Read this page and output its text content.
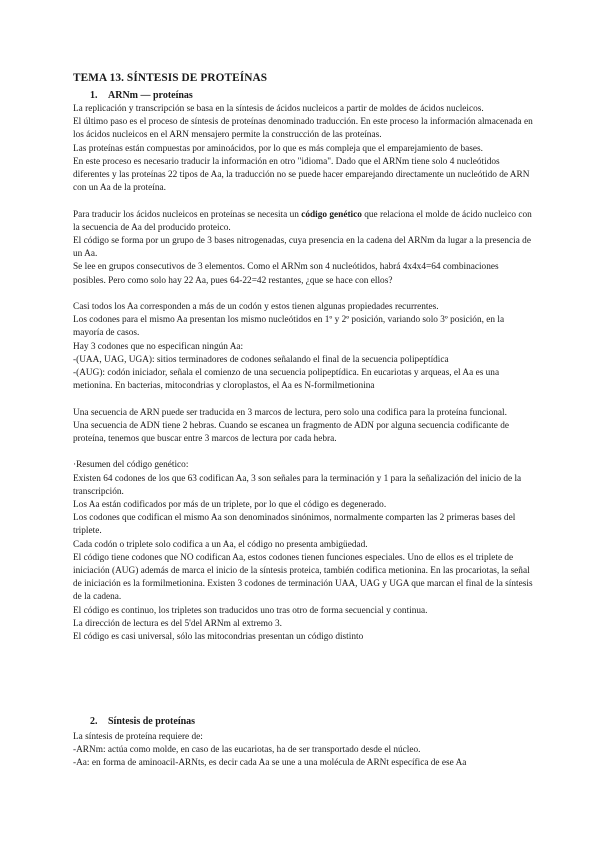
TEMA 13. SÍNTESIS DE PROTEÍNAS
1. ARNm — proteínas

La replicación y transcripción se basa en la síntesis de ácidos nucleicos a partir de moldes de ácidos nucleicos.

El último paso es el proceso de síntesis de proteínas denominado traducción. En este proceso la información almacenada en los ácidos nucleicos en el ARN mensajero permite la construcción de las proteínas.

Las proteínas están compuestas por aminoácidos, por lo que es más compleja que el emparejamiento de bases.

En este proceso es necesario traducir la información en otro "idioma". Dado que el ARNm tiene solo 4 nucleótidos diferentes y las proteínas 22 tipos de Aa, la traducción no se puede hacer emparejando directamente un nucleótido de ARN con un Aa de la proteína.

Para traducir los ácidos nucleicos en proteínas se necesita un código genético que relaciona el molde de ácido nucleico con la secuencia de Aa del producido proteico.

El código se forma por un grupo de 3 bases nitrogenadas, cuya presencia en la cadena del ARNm da lugar a la presencia de un Aa.

Se lee en grupos consecutivos de 3 elementos. Como el ARNm son 4 nucleótidos, habrá 4x4x4=64 combinaciones posibles. Pero como solo hay 22 Aa, pues 64-22=42 restantes, ¿que se hace con ellos?

Casi todos los Aa corresponden a más de un codón y estos tienen algunas propiedades recurrentes.

Los codones para el mismo Aa presentan los mismo nucleótidos en 1º y 2º posición, variando solo 3º posición, en la mayoría de casos.

Hay 3 codones que no especifican ningún Aa:

-(UAA, UAG, UGA): sitios terminadores de codones señalando el final de la secuencia polipeptídica

-(AUG): codón iniciador, señala el comienzo de una secuencia polipeptídica. En eucariotas y arqueas, el Aa es una metionina. En bacterias, mitocondrias y cloroplastos, el Aa es N-formilmetionina

Una secuencia de ARN puede ser traducida en 3 marcos de lectura, pero solo una codifica para la proteína funcional.

Una secuencia de ADN tiene 2 hebras. Cuando se escanea un fragmento de ADN por alguna secuencia codificante de proteína, tenemos que buscar entre 3 marcos de lectura por cada hebra.

·Resumen del código genético:

Existen 64 codones de los que 63 codifican Aa, 3 son señales para la terminación y 1 para la señalización del inicio de la transcripción.

Los Aa están codificados por más de un triplete, por lo que el código es degenerado.

Los codones que codifican el mismo Aa son denominados sinónimos, normalmente comparten las 2 primeras bases del triplete.

Cada codón o triplete solo codifica a un Aa, el código no presenta ambigüedad.

El código tiene codones que NO codifican Aa, estos codones tienen funciones especiales. Uno de ellos es el triplete de iniciación (AUG) además de marca el inicio de la síntesis proteica, también codifica metionina. En las procariotas, la señal de iniciación es la formilmetionina. Existen 3 codones de terminación UAA, UAG y UGA que marcan el final de la síntesis de la cadena.

El código es continuo, los tripletes son traducidos uno tras otro de forma secuencial y continua.

La dirección de lectura es del 5'del ARNm al extremo 3.

El código es casi universal, sólo las mitocondrias presentan un código distinto

2. Síntesis de proteínas

La síntesis de proteína requiere de:

-ARNm: actúa como molde, en caso de las eucariotas, ha de ser transportado desde el núcleo.

-Aa: en forma de aminoacil-ARNts, es decir cada Aa se une a una molécula de ARNt específica de ese Aa
